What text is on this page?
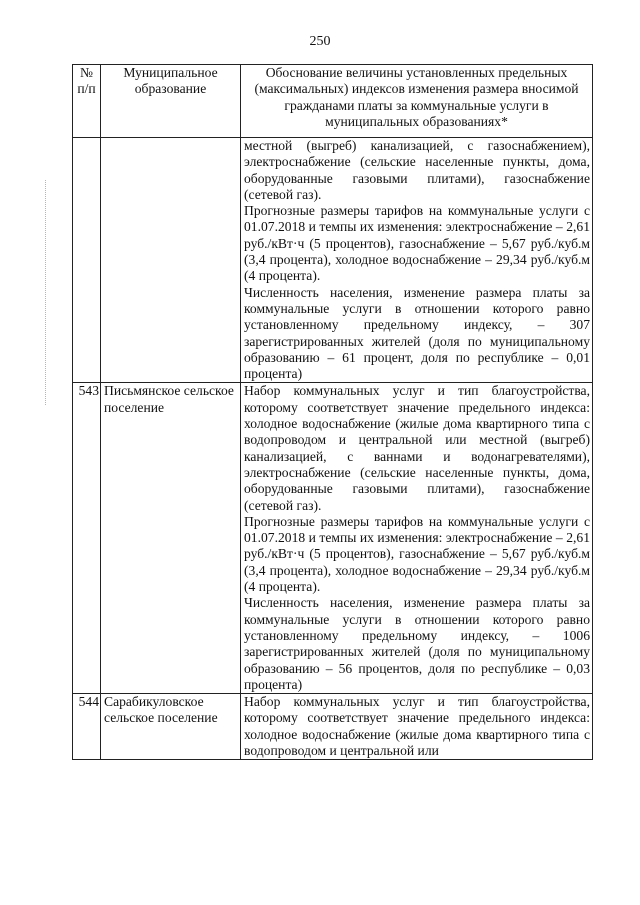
250
№ п/п	Муниципальное образование	Обоснование величины установленных предельных (максимальных) индексов изменения размера вносимой гражданами платы за коммунальные услуги в муниципальных образованиях*

		местной (выгреб) канализацией, с газоснабжением), электроснабжение (сельские населенные пункты, дома, оборудованные газовыми плитами), газоснабжение (сетевой газ).

Прогнозные размеры тарифов на коммунальные услуги с 01.07.2018 и темпы их изменения: электроснабжение – 2,61 руб./кВт·ч (5 процентов), газоснабжение – 5,67 руб./куб.м (3,4 процента), холодное водоснабжение – 29,34 руб./куб.м (4 процента).

Численность населения, изменение размера платы за коммунальные услуги в отношении которого равно установленному предельному индексу, – 307 зарегистрированных жителей (доля по муниципальному образованию – 61 процент, доля по республике – 0,01 процента)

543	Письмянское сельское поселение	Набор коммунальных услуг и тип благоустройства, которому соответствует значение предельного индекса: холодное водоснабжение (жилые дома квартирного типа с водопроводом и центральной или местной (выгреб) канализацией, с ваннами и водонагревателями), электроснабжение (сельские населенные пункты, дома, оборудованные газовыми плитами), газоснабжение (сетевой газ).

Прогнозные размеры тарифов на коммунальные услуги с 01.07.2018 и темпы их изменения: электроснабжение – 2,61 руб./кВт·ч (5 процентов), газоснабжение – 5,67 руб./куб.м (3,4 процента), холодное водоснабжение – 29,34 руб./куб.м (4 процента).

Численность населения, изменение размера платы за коммунальные услуги в отношении которого равно установленному предельному индексу, – 1006 зарегистрированных жителей (доля по муниципальному образованию – 56 процентов, доля по республике – 0,03 процента)

544	Сарабикуловское сельское поселение	Набор коммунальных услуг и тип благоустройства, которому соответствует значение предельного индекса: холодное водоснабжение (жилые дома квартирного типа с водопроводом и центральной или
